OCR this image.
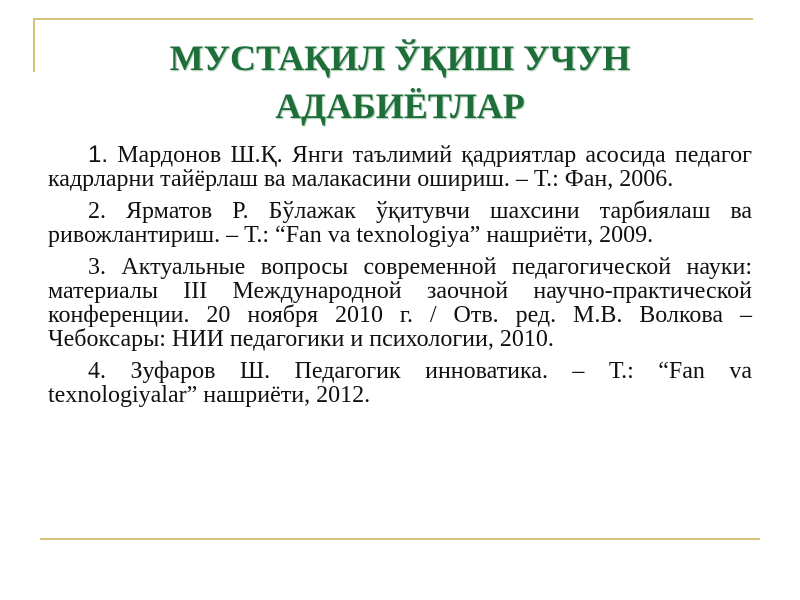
МУСТАҚИЛ ЎҚИШ УЧУН
АДАБИЁТЛАР

1. Мардонов Ш.Қ. Янги таълимий қадриятлар асосида педагог кадрларни тайёрлаш ва малакасини ошириш. – Т.: Фан, 2006.

2. Ярматов Р. Бўлажак ўқитувчи шахсини тарбиялаш ва ривожлантириш. – Т.: “Fan va texnologiya” нашриёти, 2009.

3. Актуальные вопросы современной педагогической науки: материалы III Международной заочной научно-практической конференции. 20 ноября 2010 г. / Отв. ред. М.В. Волкова – Чебоксары: НИИ педагогики и психологии, 2010.

4. Зуфаров Ш. Педагогик инноватика. – Т.: “Fan va texnologiyalar” нашриёти, 2012.
